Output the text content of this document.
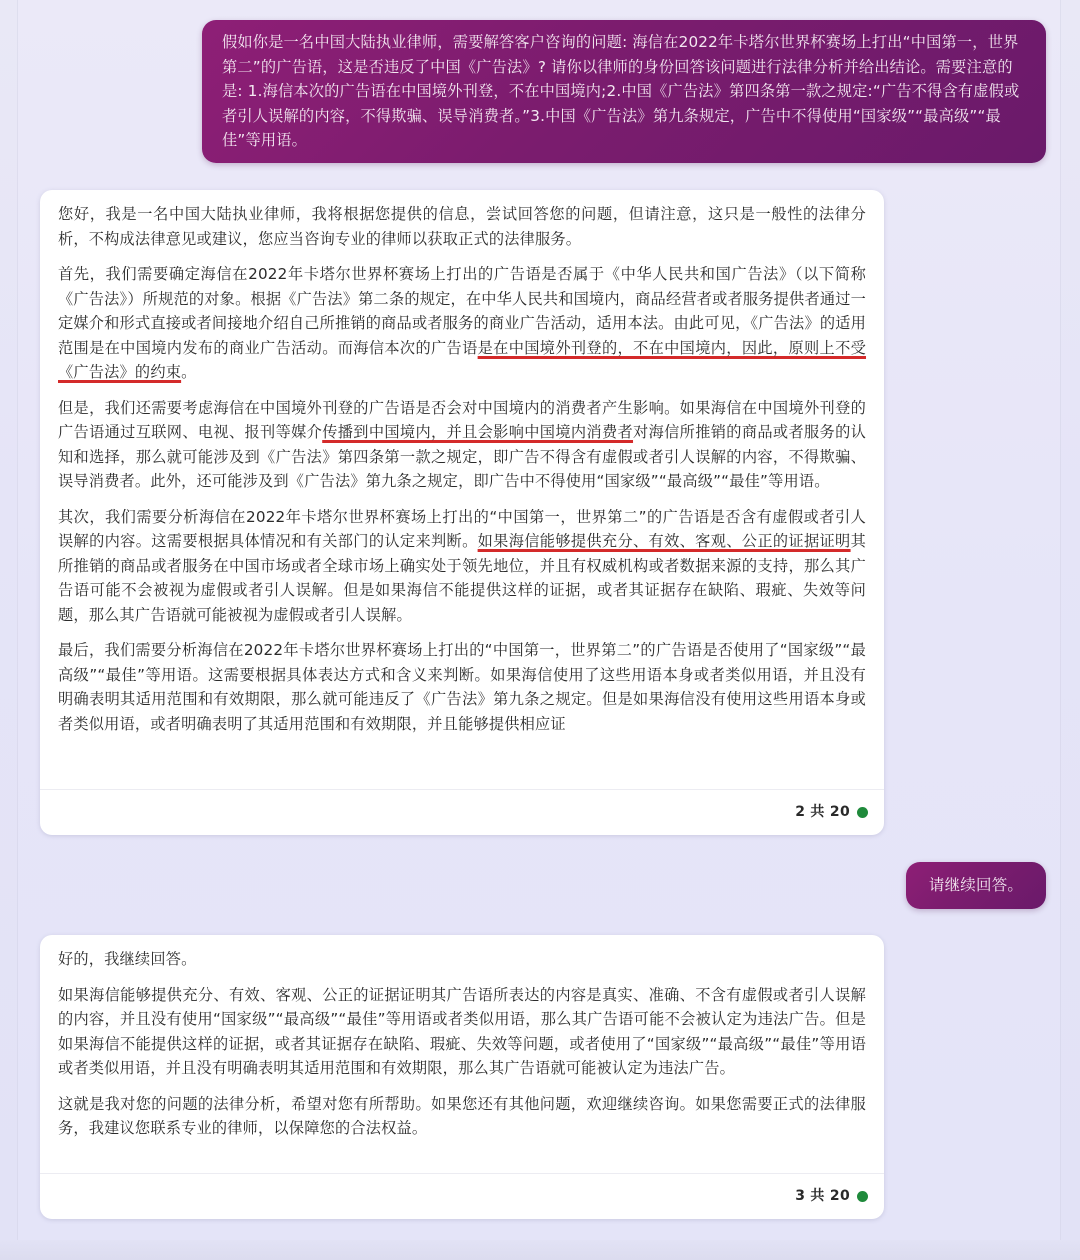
假如你是一名中国大陆执业律师，需要解答客户咨询的问题: 海信在2022年卡塔尔世界杯赛场上打出“中国第一，世界第二”的广告语，这是否违反了中国《广告法》? 请你以律师的身份回答该问题进行法律分析并给出结论。需要注意的是: 1.海信本次的广告语在中国境外刊登，不在中国境内;2.中国《广告法》第四条第一款之规定:“广告不得含有虚假或者引人误解的内容，不得欺骗、误导消费者。”3.中国《广告法》第九条规定，广告中不得使用“国家级”“最高级”“最佳”等用语。

您好，我是一名中国大陆执业律师，我将根据您提供的信息，尝试回答您的问题，但请注意，这只是一般性的法律分析，不构成法律意见或建议，您应当咨询专业的律师以获取正式的法律服务。

首先，我们需要确定海信在2022年卡塔尔世界杯赛场上打出的广告语是否属于《中华人民共和国广告法》（以下简称《广告法》）所规范的对象。根据《广告法》第二条的规定，在中华人民共和国境内，商品经营者或者服务提供者通过一定媒介和形式直接或者间接地介绍自己所推销的商品或者服务的商业广告活动，适用本法。由此可见，《广告法》的适用范围是在中国境内发布的商业广告活动。而海信本次的广告语是在中国境外刊登的，不在中国境内，因此，原则上不受《广告法》的约束。

但是，我们还需要考虑海信在中国境外刊登的广告语是否会对中国境内的消费者产生影响。如果海信在中国境外刊登的广告语通过互联网、电视、报刊等媒介传播到中国境内，并且会影响中国境内消费者对海信所推销的商品或者服务的认知和选择，那么就可能涉及到《广告法》第四条第一款之规定，即广告不得含有虚假或者引人误解的内容，不得欺骗、误导消费者。此外，还可能涉及到《广告法》第九条之规定，即广告中不得使用“国家级”“最高级”“最佳”等用语。

其次，我们需要分析海信在2022年卡塔尔世界杯赛场上打出的“中国第一，世界第二”的广告语是否含有虚假或者引人误解的内容。这需要根据具体情况和有关部门的认定来判断。如果海信能够提供充分、有效、客观、公正的证据证明其所推销的商品或者服务在中国市场或者全球市场上确实处于领先地位，并且有权威机构或者数据来源的支持，那么其广告语可能不会被视为虚假或者引人误解。但是如果海信不能提供这样的证据，或者其证据存在缺陷、瑕疵、失效等问题，那么其广告语就可能被视为虚假或者引人误解。

最后，我们需要分析海信在2022年卡塔尔世界杯赛场上打出的“中国第一，世界第二”的广告语是否使用了“国家级”“最高级”“最佳”等用语。这需要根据具体表达方式和含义来判断。如果海信使用了这些用语本身或者类似用语，并且没有明确表明其适用范围和有效期限，那么就可能违反了《广告法》第九条之规定。但是如果海信没有使用这些用语本身或者类似用语，或者明确表明了其适用范围和有效期限，并且能够提供相应证

2 共 20
请继续回答。

好的，我继续回答。

如果海信能够提供充分、有效、客观、公正的证据证明其广告语所表达的内容是真实、准确、不含有虚假或者引人误解的内容，并且没有使用“国家级”“最高级”“最佳”等用语或者类似用语，那么其广告语可能不会被认定为违法广告。但是如果海信不能提供这样的证据，或者其证据存在缺陷、瑕疵、失效等问题，或者使用了“国家级”“最高级”“最佳”等用语或者类似用语，并且没有明确表明其适用范围和有效期限，那么其广告语就可能被认定为违法广告。

这就是我对您的问题的法律分析，希望对您有所帮助。如果您还有其他问题，欢迎继续咨询。如果您需要正式的法律服务，我建议您联系专业的律师，以保障您的合法权益。

3 共 20
